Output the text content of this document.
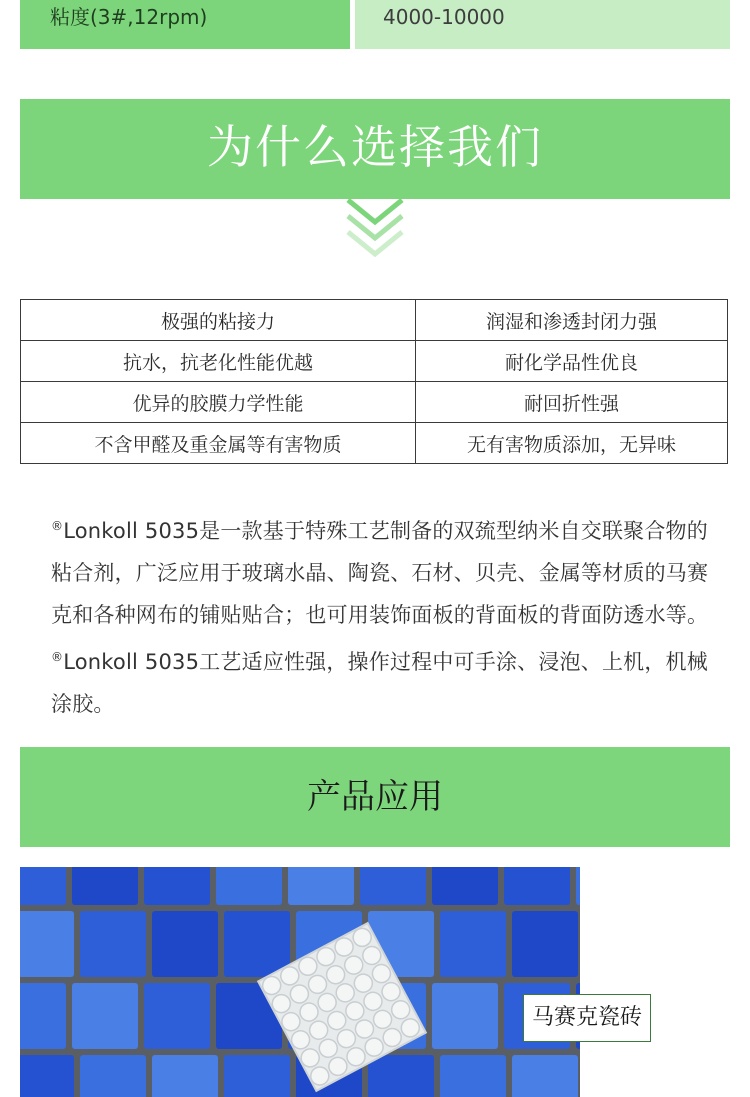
粘度(3#,12rpm)	4000-10000
为什么选择我们
极强的粘接力	润湿和渗透封闭力强
抗水，抗老化性能优越	耐化学品性优良
优异的胶膜力学性能	耐回折性强
不含甲醛及重金属等有害物质	无有害物质添加，无异味

®Lonkoll 5035是一款基于特殊工艺制备的双巯型纳米自交联聚合物的粘合剂，广泛应用于玻璃水晶、陶瓷、石材、贝壳、金属等材质的马赛克和各种网布的铺贴贴合；也可用装饰面板的背面板的背面防透水等。®Lonkoll 5035工艺适应性强，操作过程中可手涂、浸泡、上机，机械涂胶。

产品应用
马赛克瓷砖
